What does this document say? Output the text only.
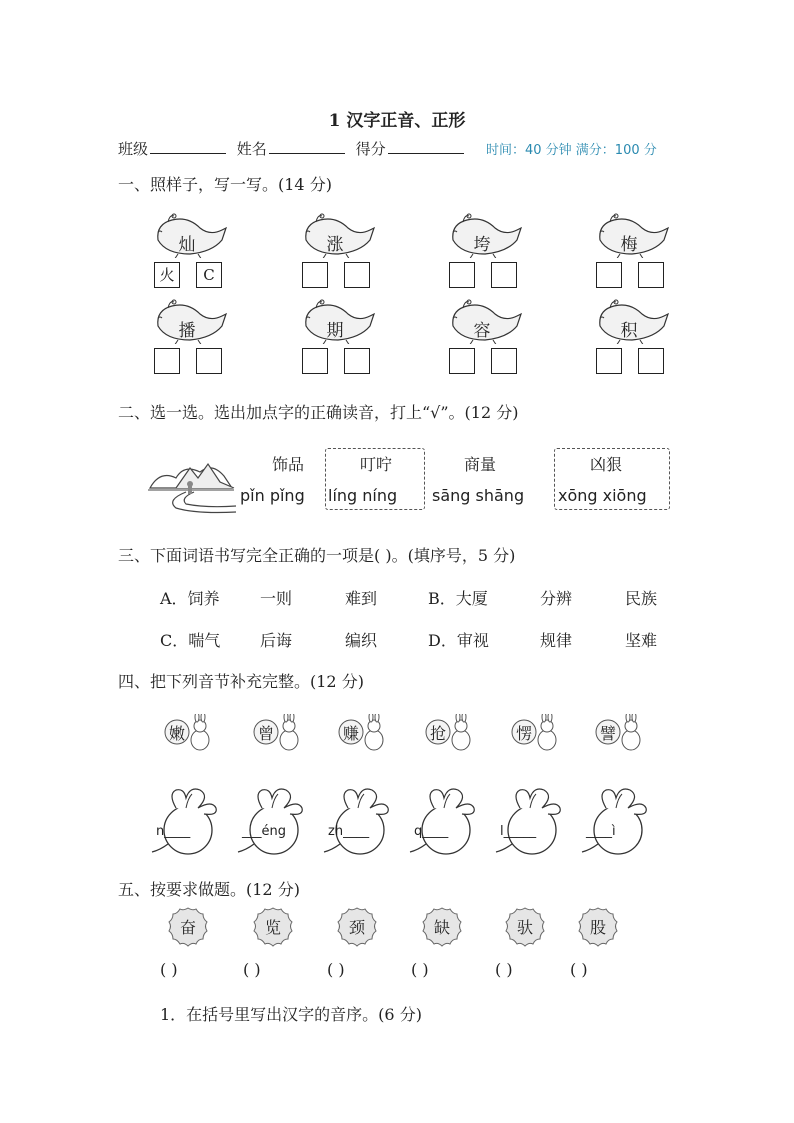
1 汉字正音、正形
班级	姓名	得分	时间：40 分钟 满分：100 分
一、照样子，写一写。(14 分)
灿
火	C
涨	垮	梅
播	期	容	积
二、选一选。选出加点字的正确读音，打上“√”。(12 分)
饰品
pǐn pǐng
叮咛
líng níng
商量
sāng shāng
凶狠
xōng xiōng
三、下面词语书写完全正确的一项是( )。(填序号，5 分)
A．饲养	一则	难到	B．大厦	分辨	民族
C．喘气 后诲	编织	D．审视	规律	坚难
四、把下列音节补充完整。(12 分)
嫩
n____
曾
___éng
赚
zh____
抢
q____
愣
l_____
譬
____ì
五、按要求做题。(12 分)
奋
( )
览
( )
颈
( )
缺
( )
驮
( )
股
( )
1．在括号里写出汉字的音序。(6 分)
